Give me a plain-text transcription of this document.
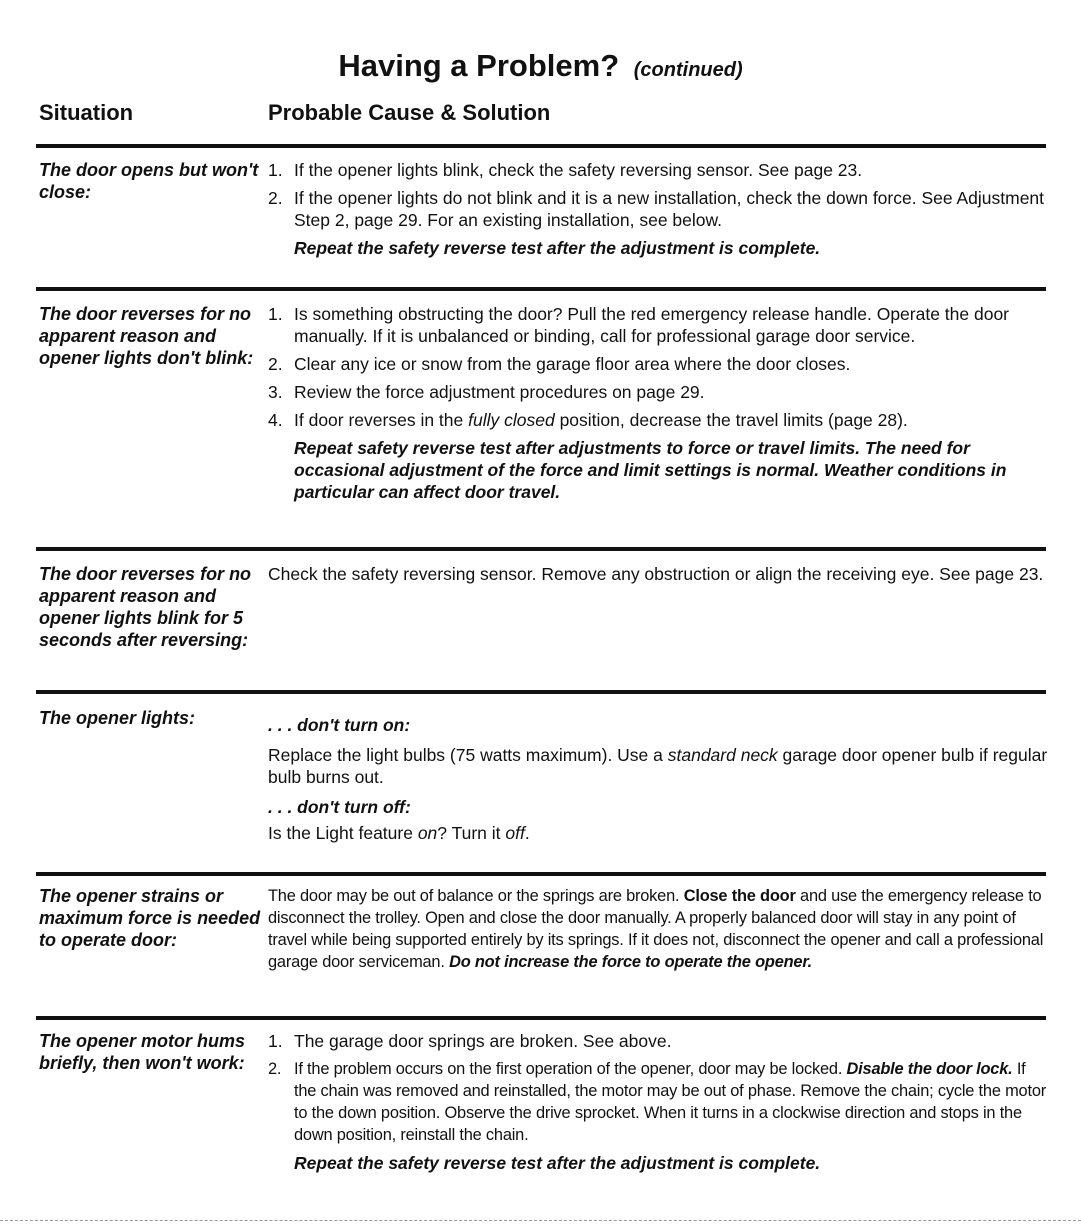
Having a Problem? (continued)
Situation	Probable Cause & Solution

The door opens but won't close:

1. If the opener lights blink, check the safety reversing sensor. See page 23.
2. If the opener lights do not blink and it is a new installation, check the down force. See Adjustment Step 2, page 29. For an existing installation, see below.

Repeat the safety reverse test after the adjustment is complete.

The door reverses for no apparent reason and opener lights don't blink:

1. Is something obstructing the door? Pull the red emergency release handle. Operate the door manually. If it is unbalanced or binding, call for professional garage door service.
2. Clear any ice or snow from the garage floor area where the door closes.
3. Review the force adjustment procedures on page 29.
4. If door reverses in the fully closed position, decrease the travel limits (page 28).

Repeat safety reverse test after adjustments to force or travel limits. The need for occasional adjustment of the force and limit settings is normal. Weather conditions in particular can affect door travel.

The door reverses for no apparent reason and opener lights blink for 5 seconds after reversing:

Check the safety reversing sensor. Remove any obstruction or align the receiving eye. See page 23.

The opener lights:	. . . don't turn on:

Replace the light bulbs (75 watts maximum). Use a standard neck garage door opener bulb if regular bulb burns out.

. . . don't turn off:

Is the Light feature on? Turn it off.

The opener strains or maximum force is needed to operate door:

The door may be out of balance or the springs are broken. Close the door and use the emergency release to disconnect the trolley. Open and close the door manually. A properly balanced door will stay in any point of travel while being supported entirely by its springs. If it does not, disconnect the opener and call a professional garage door serviceman. Do not increase the force to operate the opener.

The opener motor hums briefly, then won't work:

1. The garage door springs are broken. See above.
2. If the problem occurs on the first operation of the opener, door may be locked. Disable the door lock. If the chain was removed and reinstalled, the motor may be out of phase. Remove the chain; cycle the motor to the down position. Observe the drive sprocket. When it turns in a clockwise direction and stops in the down position, reinstall the chain.

Repeat the safety reverse test after the adjustment is complete.
